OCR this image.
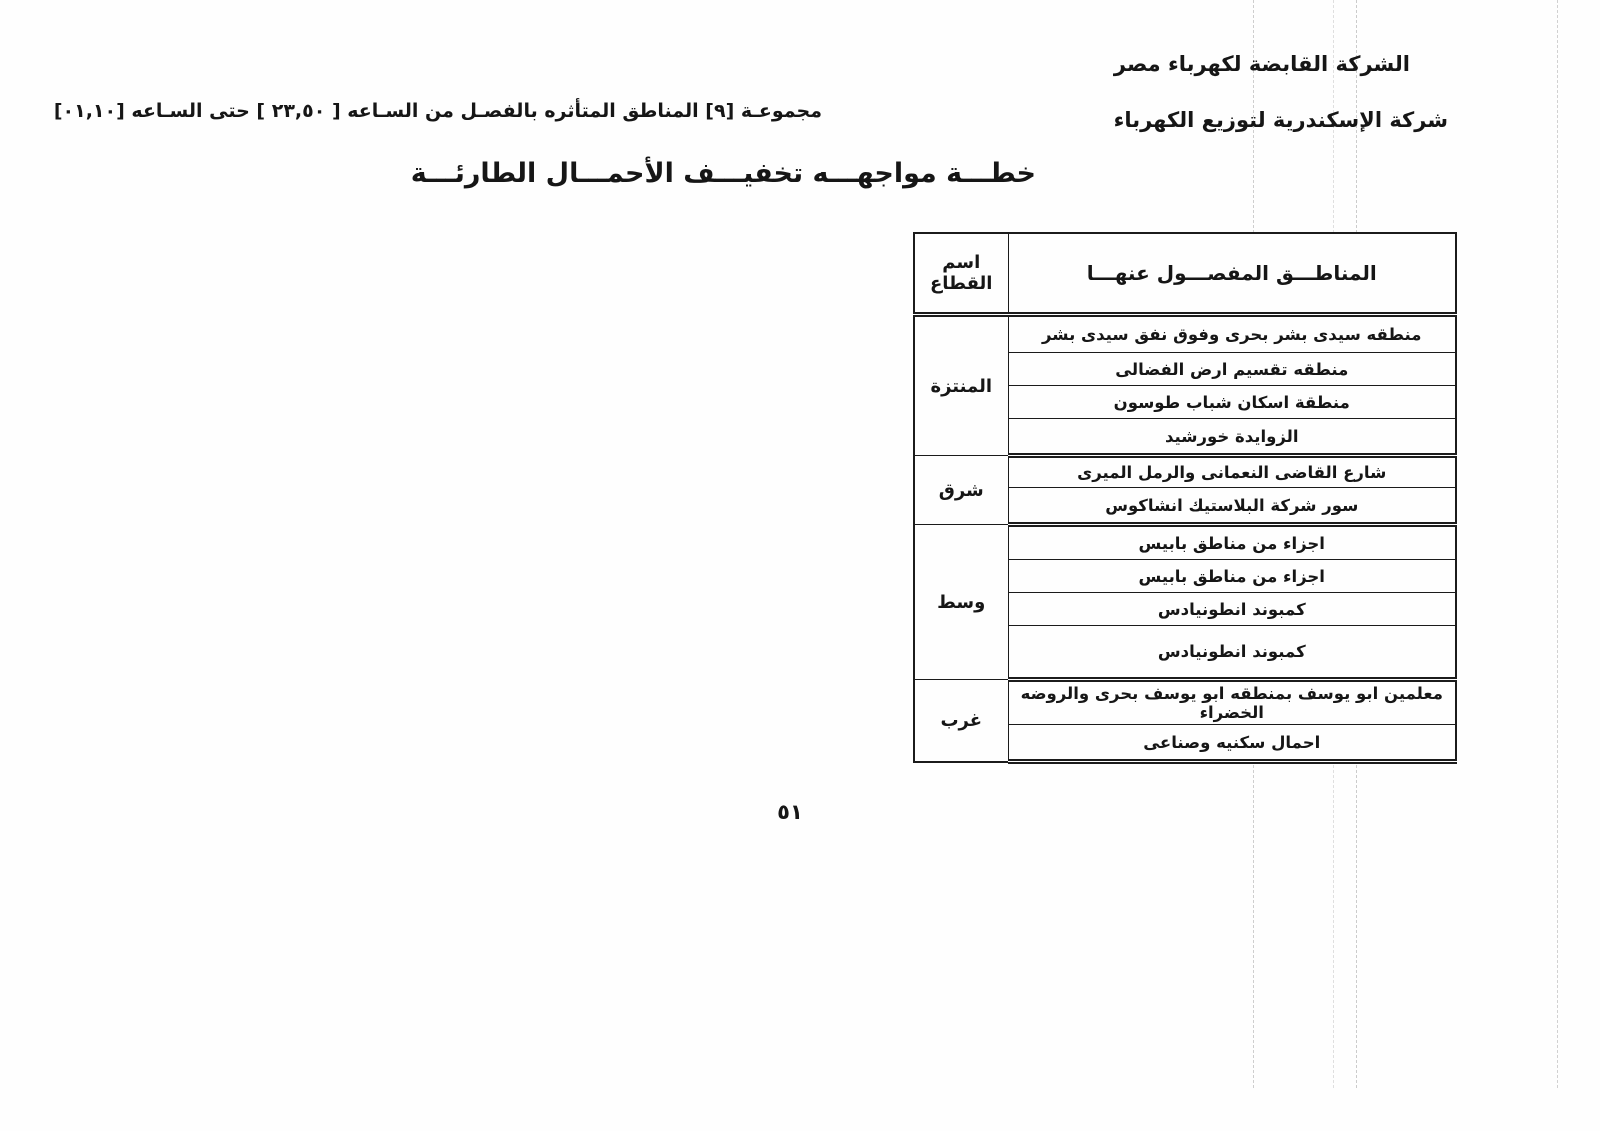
الشركة القابضة لكهرباء مصر
شركة الإسكندرية لتوزيع الكهرباء
مجموعـة [٩] المناطق المتأثره بالفصـل من السـاعه [ ٢٣,٥٠ ] حتى السـاعه [٠١,١٠]
خطـــة مواجهـــه تخفيـــف الأحمـــال الطارئـــة
المناطـــق المفصـــول عنهـــا	اسم القطاع
منطقه سيدى بشر بحرى وفوق نفق سيدى بشر	المنتزة
منطقه تقسيم ارض الفضالى	
منطقة اسكان شباب طوسون	
الزوايدة خورشيد	
شارع القاضى النعمانى والرمل الميرى	شرق
سور شركة البلاستيك انشاكوس	
اجزاء من مناطق بابيس	وسط
اجزاء من مناطق بابيس	
كمبوند انطونيادس	
كمبوند انطونيادس	
معلمين ابو يوسف بمنطقه ابو يوسف بحرى والروضه الخضراء	غرب
احمال سكنيه وصناعى	
٥١
